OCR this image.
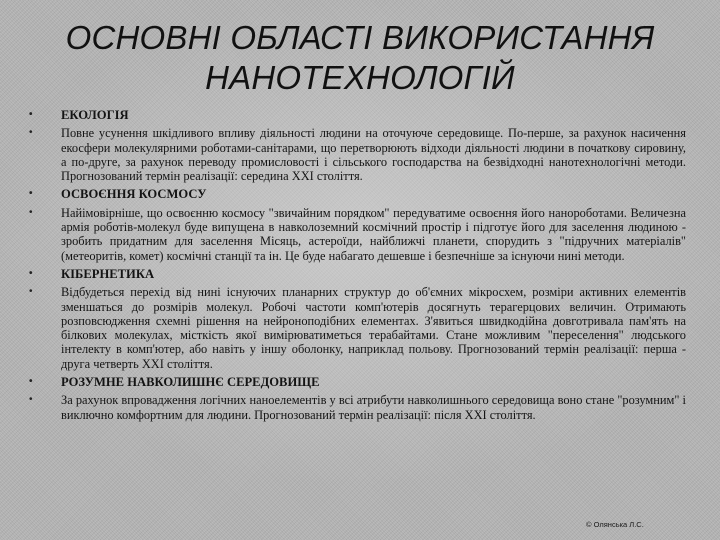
ОСНОВНІ ОБЛАСТІ ВИКОРИСТАННЯ
НАНОТЕХНОЛОГІЙ
• ЕКОЛОГІЯ
• Повне усунення шкідливого впливу діяльності людини на оточуюче середовище. По-перше, за рахунок насичення екосфери молекулярними роботами-санітарами, що перетворюють відходи діяльності людини в початкову сировину, а по-друге, за рахунок переводу промисловості і сільського господарства на безвідходні нанотехнологічні методи. Прогнозований термін реалізації: середина XXI століття.
• ОСВОЄННЯ КОСМОСУ
• Найімовірніше, що освоєнню космосу "звичайним порядком" передуватиме освоєння його нанороботами. Величезна армія роботів-молекул буде випущена в навколоземний космічний простір і підготує його для заселення людиною - зробить придатним для заселення Місяць, астероїди, найближчі планети, спорудить з "підручних матеріалів" (метеоритів, комет) космічні станції та ін. Це буде набагато дешевше і безпечніше за існуючи нині методи.
• КІБЕРНЕТИКА
• Відбудеться перехід від нині існуючих планарних структур до об'ємних мікросхем, розміри активних елементів зменшаться до розмірів молекул. Робочі частоти комп'ютерів досягнуть терагерцових величин. Отримають розповсюдження схемні рішення на нейроноподібних елементах. З'явиться швидкодійна довготривала пам'ять на білкових молекулах, місткість якої вимірюватиметься терабайтами. Стане можливим "переселення" людського інтелекту в комп'ютер, або навіть у іншу оболонку, наприклад польову. Прогнозований термін реалізації: перша - друга четверть XXI століття.
• РОЗУМНЕ НАВКОЛИШНЄ СЕРЕДОВИЩЕ
• За рахунок впровадження логічних наноелементів у всі атрибути навколишнього середовища воно стане "розумним" і виключно комфортним для людини. Прогнозований термін реалізації: після XXI століття.
© Олянська Л.С.
